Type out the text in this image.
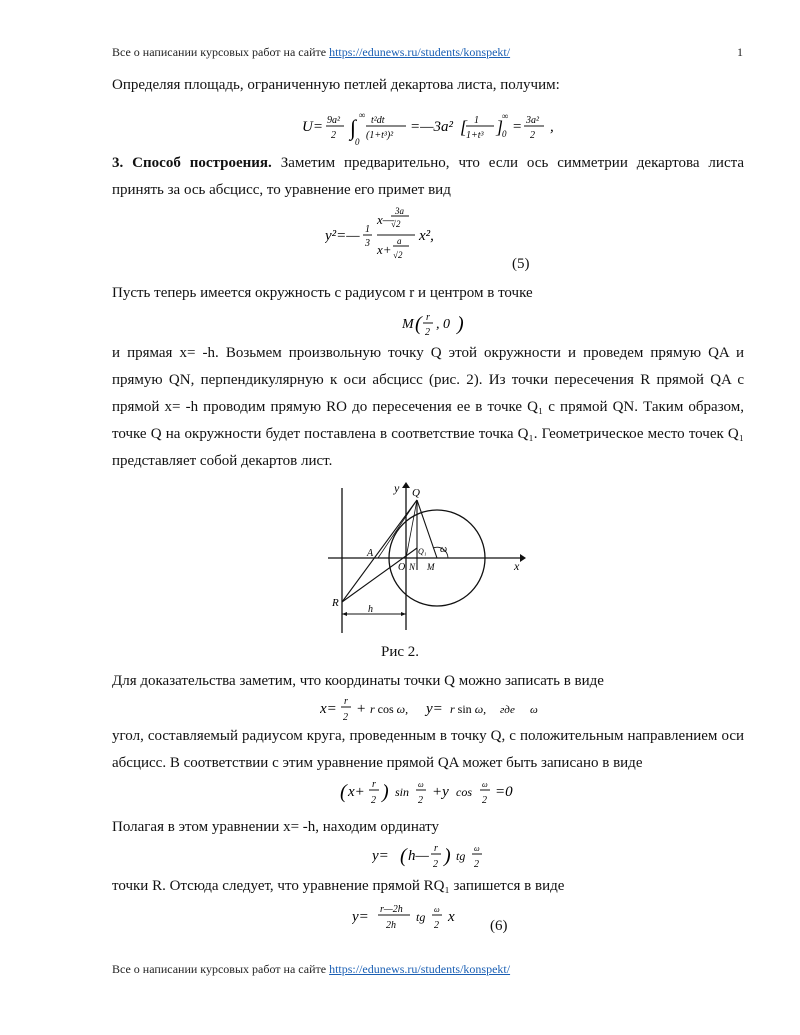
Все о написании курсовых работ на сайте https://edunews.ru/students/konspekt/	1
Определяя площадь, ограниченную петлей декартова листа, получим:
U= 9a²
2 ∫ ∞
0
t²dt
(1+t³)²
=—3a² [ 1
1+t³ ]
∞
0 = 3a²
2
,
3. Способ построения. Заметим предварительно, что если ось симметрии декартова листа принять за ось абсцисс, то уравнение его примет вид
y²=— 1
3
x—
3a
√2
x+
a
√2
x²,
(5)
Пусть теперь имеется окружность с радиусом r и центром в точке
M ( r
2
, 0 )
и прямая x= -h. Возьмем произвольную точку Q этой окружности и проведем прямую QA и прямую QN, перпендикулярную к оси абсцисс (рис. 2). Из точки пересечения R прямой QA с прямой x= -h проводим прямую RO до пересечения ее в точке Q₁ с прямой QN. Таким образом, точке Q на окружности будет поставлена в соответствие точка Q₁. Геометрическое место точек Q₁ представляет собой декартов лист.
y
x
Q
A
O N M
R
Q₁ ω
h
Рис 2.
Для доказательства заметим, что координаты точки Q можно записать в виде
x= r
2
+ r cos ω, y= r sin ω, где ω
угол, составляемый радиусом круга, проведенным в точку Q, с положительным направлением оси абсцисс. В соответствии с этим уравнение прямой QA может быть записано в виде
( x+ r
2 ) sin
ω
2
+y cos
ω
2
=0
Полагая в этом уравнении x= -h, находим ординату
y= ( h— r
2 ) tg
ω
2
точки R. Отсюда следует, что уравнение прямой RQ₁ запишется в виде
y= r—2h
2h
tg
ω
2
x
(6)
Все о написании курсовых работ на сайте https://edunews.ru/students/konspekt/
